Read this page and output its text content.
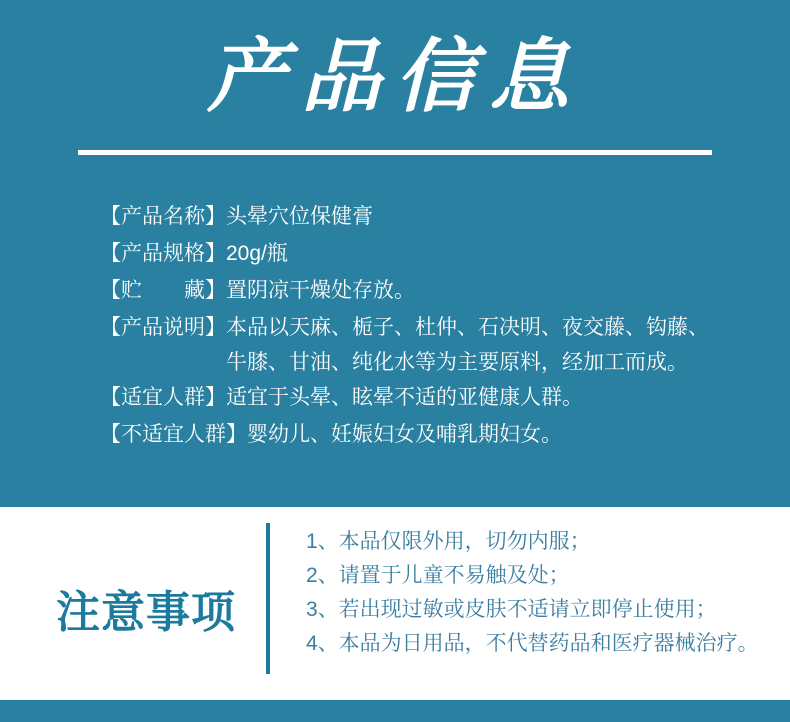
产品信息
【产品名称】头晕穴位保健膏
【产品规格】20g/瓶
【贮　　藏】置阴凉干燥处存放。
【产品说明】本品以天麻、栀子、杜仲、石决明、夜交藤、钩藤、
牛膝、甘油、纯化水等为主要原料，经加工而成。
【适宜人群】适宜于头晕、眩晕不适的亚健康人群。
【不适宜人群】婴幼儿、妊娠妇女及哺乳期妇女。
注意事项
1、本品仅限外用，切勿内服；
2、请置于儿童不易触及处；
3、若出现过敏或皮肤不适请立即停止使用；
4、本品为日用品，不代替药品和医疗器械治疗。
